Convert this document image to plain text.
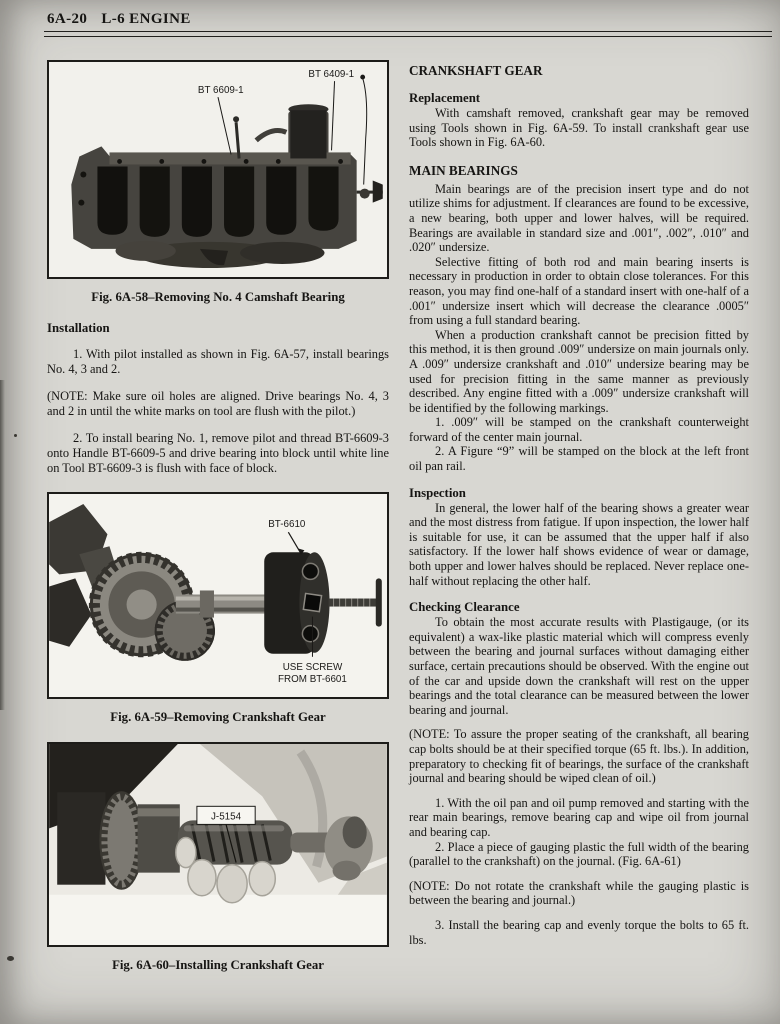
6A-20 L-6 ENGINE
BT 6609-1
BT 6409-1
Fig. 6A-58–Removing No. 4 Camshaft Bearing
Installation

1. With pilot installed as shown in Fig. 6A-57, install bearings No. 4, 3 and 2.

(NOTE: Make sure oil holes are aligned. Drive bearings No. 4, 3 and 2 in until the white marks on tool are flush with the pilot.)

2. To install bearing No. 1, remove pilot and thread BT-6609-3 onto Handle BT-6609-5 and drive bearing into block until white line on Tool BT-6609-3 is flush with face of block.

BT-6610
USE SCREW
FROM BT-6601
Fig. 6A-59–Removing Crankshaft Gear
J-5154
Fig. 6A-60–Installing Crankshaft Gear
CRANKSHAFT GEAR
Replacement

With camshaft removed, crankshaft gear may be removed using Tools shown in Fig. 6A-59. To install crankshaft gear use Tools shown in Fig. 6A-60.

MAIN BEARINGS

Main bearings are of the precision insert type and do not utilize shims for adjustment. If clearances are found to be excessive, a new bearing, both upper and lower halves, will be required. Bearings are available in standard size and .001″, .002″, .010″ and .020″ undersize.

Selective fitting of both rod and main bearing inserts is necessary in production in order to obtain close tolerances. For this reason, you may find one-half of a standard insert with one-half of a .001″ undersize insert which will decrease the clearance .0005″ from using a full standard bearing.

When a production crankshaft cannot be precision fitted by this method, it is then ground .009″ undersize on main journals only. A .009″ undersize crankshaft and .010″ undersize bearing may be used for precision fitting in the same manner as previously described. Any engine fitted with a .009″ undersize crankshaft will be identified by the following markings.

1. .009″ will be stamped on the crankshaft counterweight forward of the center main journal.

2. A Figure “9” will be stamped on the block at the left front oil pan rail.

Inspection

In general, the lower half of the bearing shows a greater wear and the most distress from fatigue. If upon inspection, the lower half is suitable for use, it can be assumed that the upper half if also satisfactory. If the lower half shows evidence of wear or damage, both upper and lower halves should be replaced. Never replace one-half without replacing the other half.

Checking Clearance

To obtain the most accurate results with Plastigauge, (or its equivalent) a wax-like plastic material which will compress evenly between the bearing and journal surfaces without damaging either surface, certain precautions should be observed. With the engine out of the car and upside down the crankshaft will rest on the upper bearings and the total clearance can be measured between the lower bearing and journal.

(NOTE: To assure the proper seating of the crankshaft, all bearing cap bolts should be at their specified torque (65 ft. lbs.). In addition, preparatory to checking fit of bearings, the surface of the crankshaft journal and bearing should be wiped clean of oil.)

1. With the oil pan and oil pump removed and starting with the rear main bearings, remove bearing cap and wipe oil from journal and bearing cap.

2. Place a piece of gauging plastic the full width of the bearing (parallel to the crankshaft) on the journal. (Fig. 6A-61)

(NOTE: Do not rotate the crankshaft while the gauging plastic is between the bearing and journal.)

3. Install the bearing cap and evenly torque the bolts to 65 ft. lbs.
